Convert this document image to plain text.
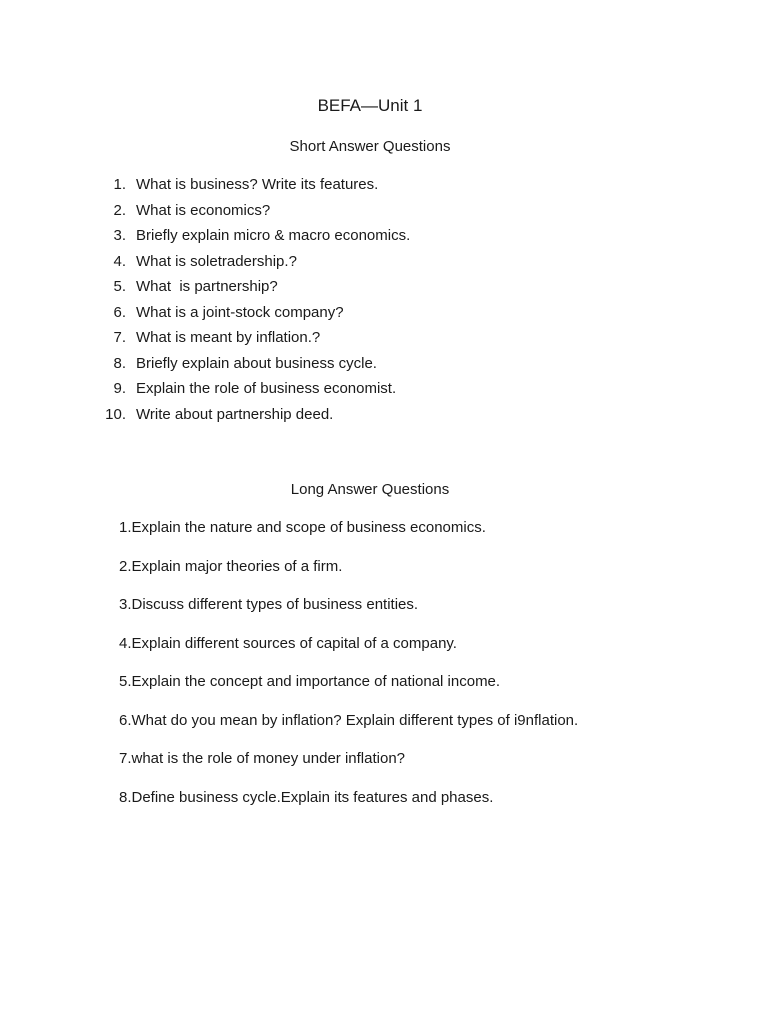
BEFA—Unit 1
Short Answer Questions
1. What is business? Write its features.
2. What is economics?
3. Briefly explain micro & macro economics.
4. What is soletradership.?
5. What  is partnership?
6. What is a joint-stock company?
7. What is meant by inflation.?
8. Briefly explain about business cycle.
9. Explain the role of business economist.
10. Write about partnership deed.
Long Answer Questions
1.Explain the nature and scope of business economics.
2.Explain major theories of a firm.
3.Discuss different types of business entities.
4.Explain different sources of capital of a company.
5.Explain the concept and importance of national income.
6.What do you mean by inflation? Explain different types of i9nflation.
7.what is the role of money under inflation?
8.Define business cycle.Explain its features and phases.
